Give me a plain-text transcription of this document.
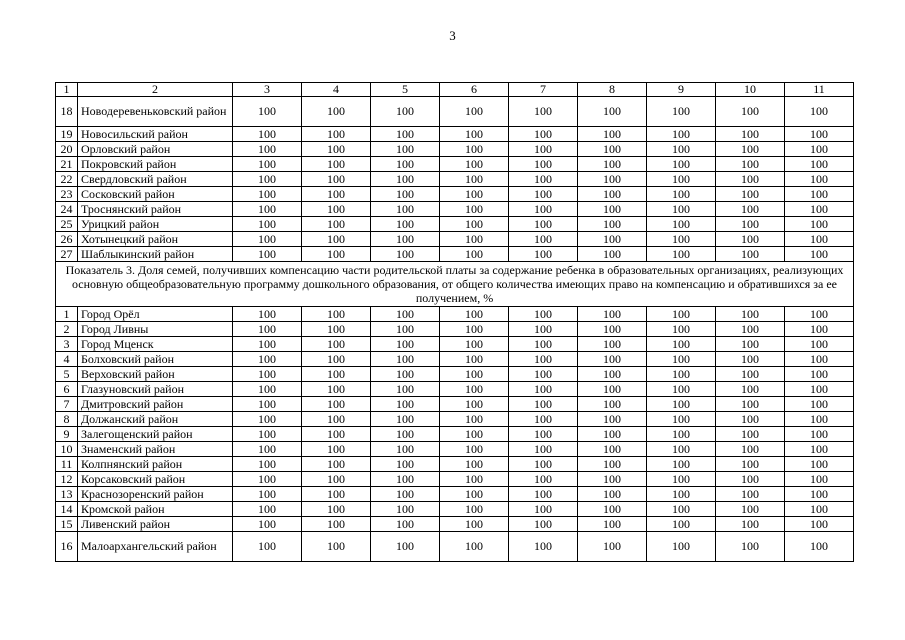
3
1	2	3	4	5	6	7	8	9	10	11
18	Новодеревеньковский район	100	100	100	100	100	100	100	100	100
19	Новосильский район	100	100	100	100	100	100	100	100	100
20	Орловский район	100	100	100	100	100	100	100	100	100
21	Покровский район	100	100	100	100	100	100	100	100	100
22	Свердловский район	100	100	100	100	100	100	100	100	100
23	Сосковский район	100	100	100	100	100	100	100	100	100
24	Троснянский район	100	100	100	100	100	100	100	100	100
25	Урицкий район	100	100	100	100	100	100	100	100	100
26	Хотынецкий район	100	100	100	100	100	100	100	100	100
27	Шаблыкинский район	100	100	100	100	100	100	100	100	100
Показатель 3. Доля семей, получивших компенсацию части родительской платы за содержание ребенка в образовательных организациях, реализующих основную общеобразовательную программу дошкольного образования, от общего количества имеющих право на компенсацию и обратившихся за ее получением, %										
1	Город Орёл	100	100	100	100	100	100	100	100	100
2	Город Ливны	100	100	100	100	100	100	100	100	100
3	Город Мценск	100	100	100	100	100	100	100	100	100
4	Болховский район	100	100	100	100	100	100	100	100	100
5	Верховский район	100	100	100	100	100	100	100	100	100
6	Глазуновский район	100	100	100	100	100	100	100	100	100
7	Дмитровский район	100	100	100	100	100	100	100	100	100
8	Должанский район	100	100	100	100	100	100	100	100	100
9	Залегощенский район	100	100	100	100	100	100	100	100	100
10	Знаменский район	100	100	100	100	100	100	100	100	100
11	Колпнянский район	100	100	100	100	100	100	100	100	100
12	Корсаковский район	100	100	100	100	100	100	100	100	100
13	Краснозоренский район	100	100	100	100	100	100	100	100	100
14	Кромской район	100	100	100	100	100	100	100	100	100
15	Ливенский район	100	100	100	100	100	100	100	100	100
16	Малоархангельский район	100	100	100	100	100	100	100	100	100
